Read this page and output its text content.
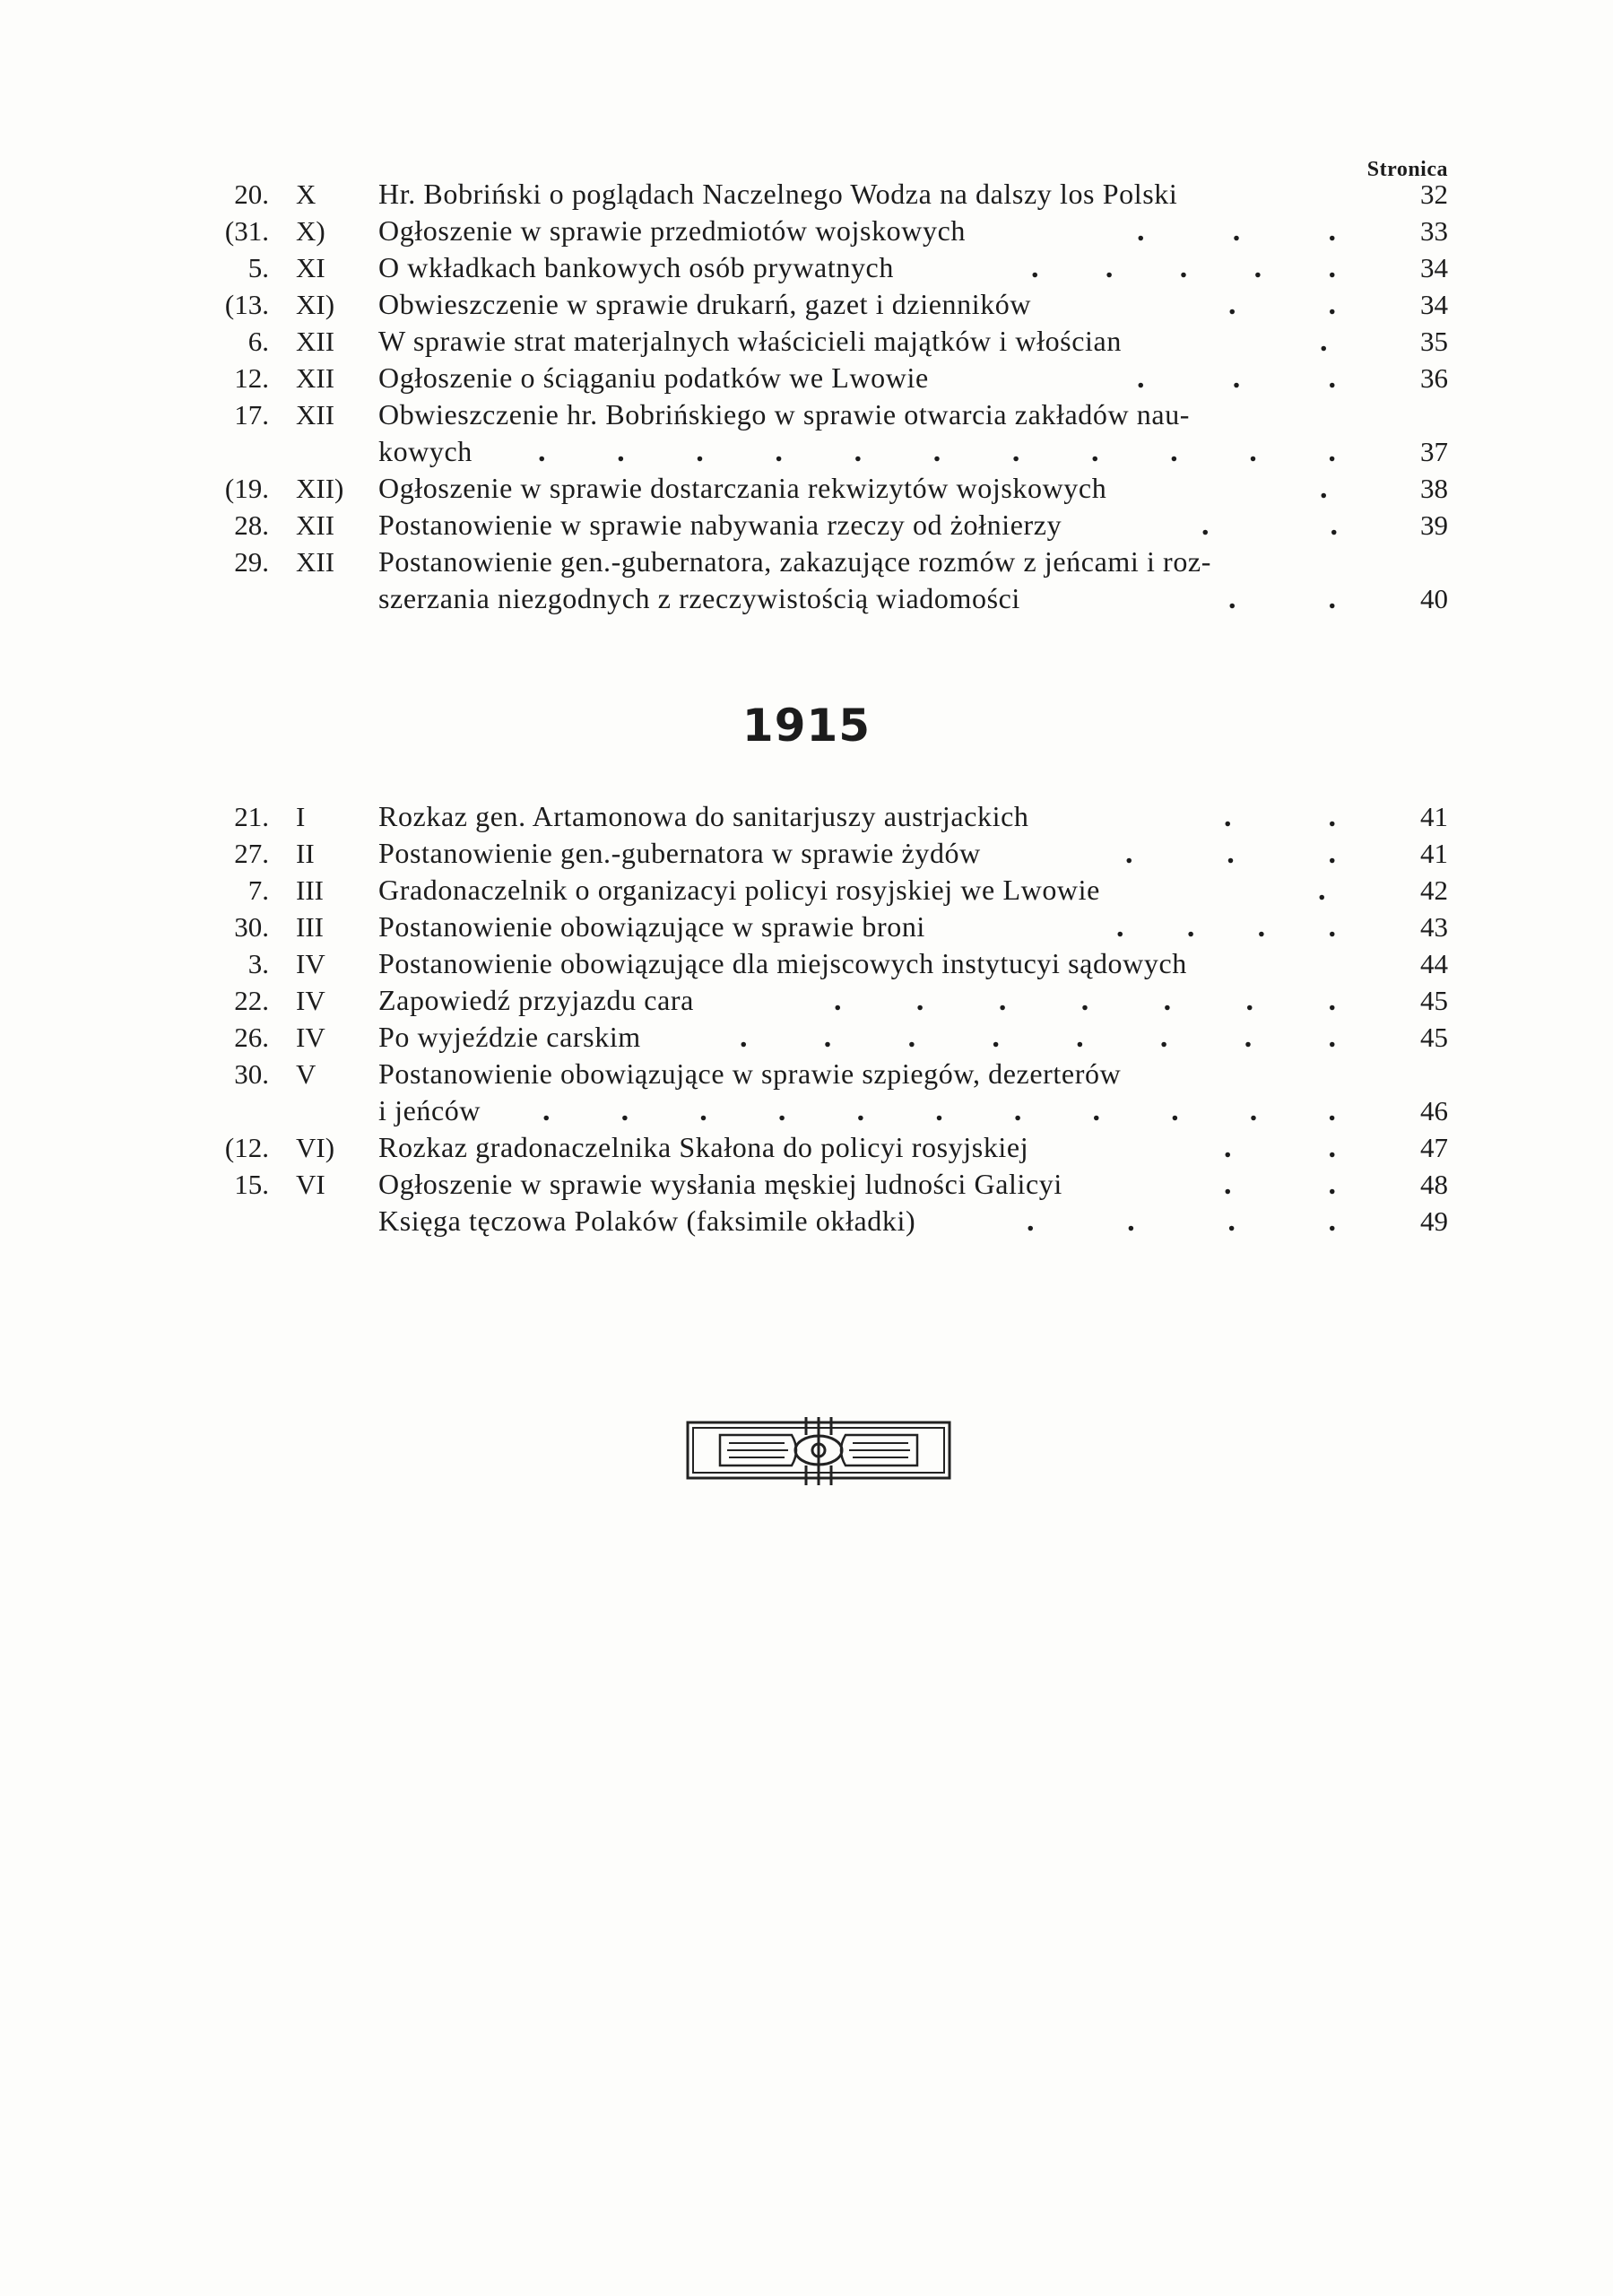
Stronica
20. X	Hr. Bobriński o poglądach Naczelnego Wodza na dalszy los Polski	32
(31. X)	Ogłoszenie w sprawie przedmiotów wojskowych	.	.	.	33
5. XI	O wkładkach bankowych osób prywatnych	. . . . .	34
(13. XI)	Obwieszczenie w sprawie drukarń, gazet i dzienników	.	.	34
6. XII	W sprawie strat materjalnych właścicieli majątków i włościan	.	35
12. XII	Ogłoszenie o ściąganiu podatków we Lwowie	.	.	.	36
17. XII	Obwieszczenie hr. Bobrińskiego w sprawie otwarcia zakładów nau-
kowych	. . . . . . . . . . .	37
(19. XII)	Ogłoszenie w sprawie dostarczania rekwizytów wojskowych	.	38
28. XII	Postanowienie w sprawie nabywania rzeczy od żołnierzy	.	.	39
29. XII	Postanowienie gen.-gubernatora, zakazujące rozmów z jeńcami i roz-
szerzania niezgodnych z rzeczywistością wiadomości	.	.	40
1915
21. I	Rozkaz gen. Artamonowa do sanitarjuszy austrjackich	.	.	41
27. II	Postanowienie gen.-gubernatora w sprawie żydów	.	.	.	41
7. III	Gradonaczelnik o organizacyi policyi rosyjskiej we Lwowie	.	42
30. III	Postanowienie obowiązujące w sprawie broni	. . . .	43
3. IV	Postanowienie obowiązujące dla miejscowych instytucyi sądowych	44
22. IV	Zapowiedź przyjazdu cara	. . . . . . .	45
26. IV	Po wyjeździe carskim	.	.	.	.	.	.	.	.	45
30. V	Postanowienie obowiązujące w sprawie szpiegów, dezerterów
i jeńców	. . . . . . . . . . .	46
(12. VI)	Rozkaz gradonaczelnika Skałona do policyi rosyjskiej	.	.	47
15. VI	Ogłoszenie w sprawie wysłania męskiej ludności Galicyi	.	.	48
Księga tęczowa Polaków (faksimile okładki)	.	.	.	.	49
